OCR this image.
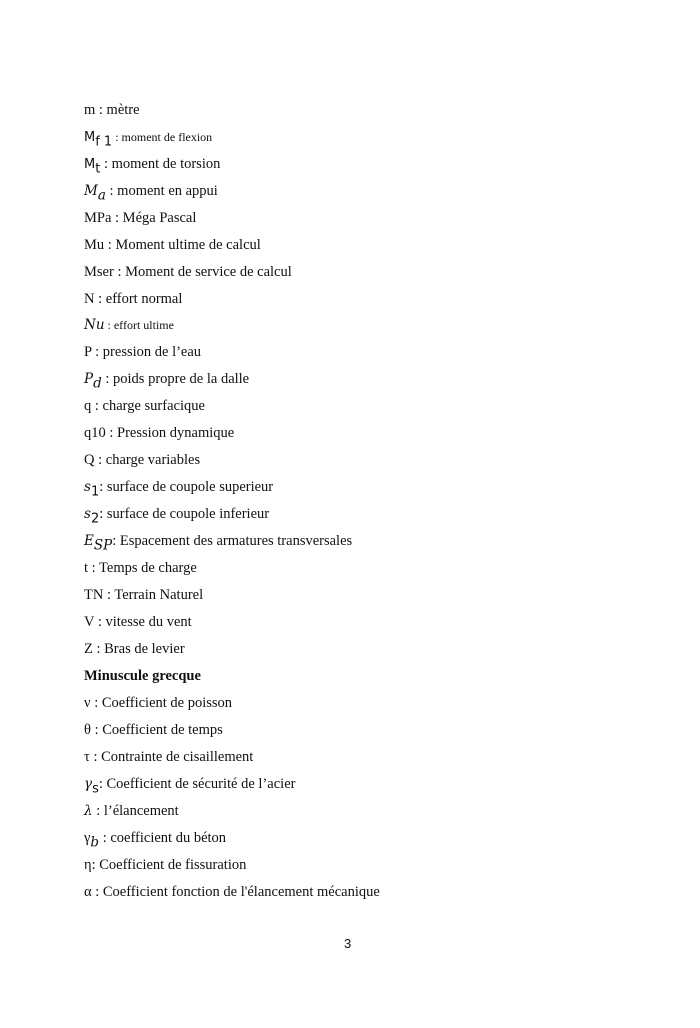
m : mètre
$M_{f 1}$ : moment de flexion
$M_t$ : moment de torsion
$M_a$ : moment en appui
MPa : Méga Pascal
Mu : Moment ultime de calcul
Mser : Moment de service de calcul
N : effort normal
Nu : effort ultime
P : pression de l’eau
$P_d$ : poids propre de la dalle
q : charge surfacique
q10 : Pression dynamique
Q : charge variables
$s_1$: surface de coupole superieur
$s_2$: surface de coupole inferieur
$E_{SP}$: Espacement des armatures transversales
t : Temps de charge
TN : Terrain Naturel
V : vitesse du vent
Z : Bras de levier
Minuscule grecque
ν : Coefficient de poisson
θ : Coefficient de temps
τ : Contrainte de cisaillement
$\gamma_s$: Coefficient de sécurité de l’acier
λ : l’élancement
$\gamma_b$ : coefficient du béton
η: Coefficient de fissuration
α : Coefficient fonction de l'élancement mécanique
3
